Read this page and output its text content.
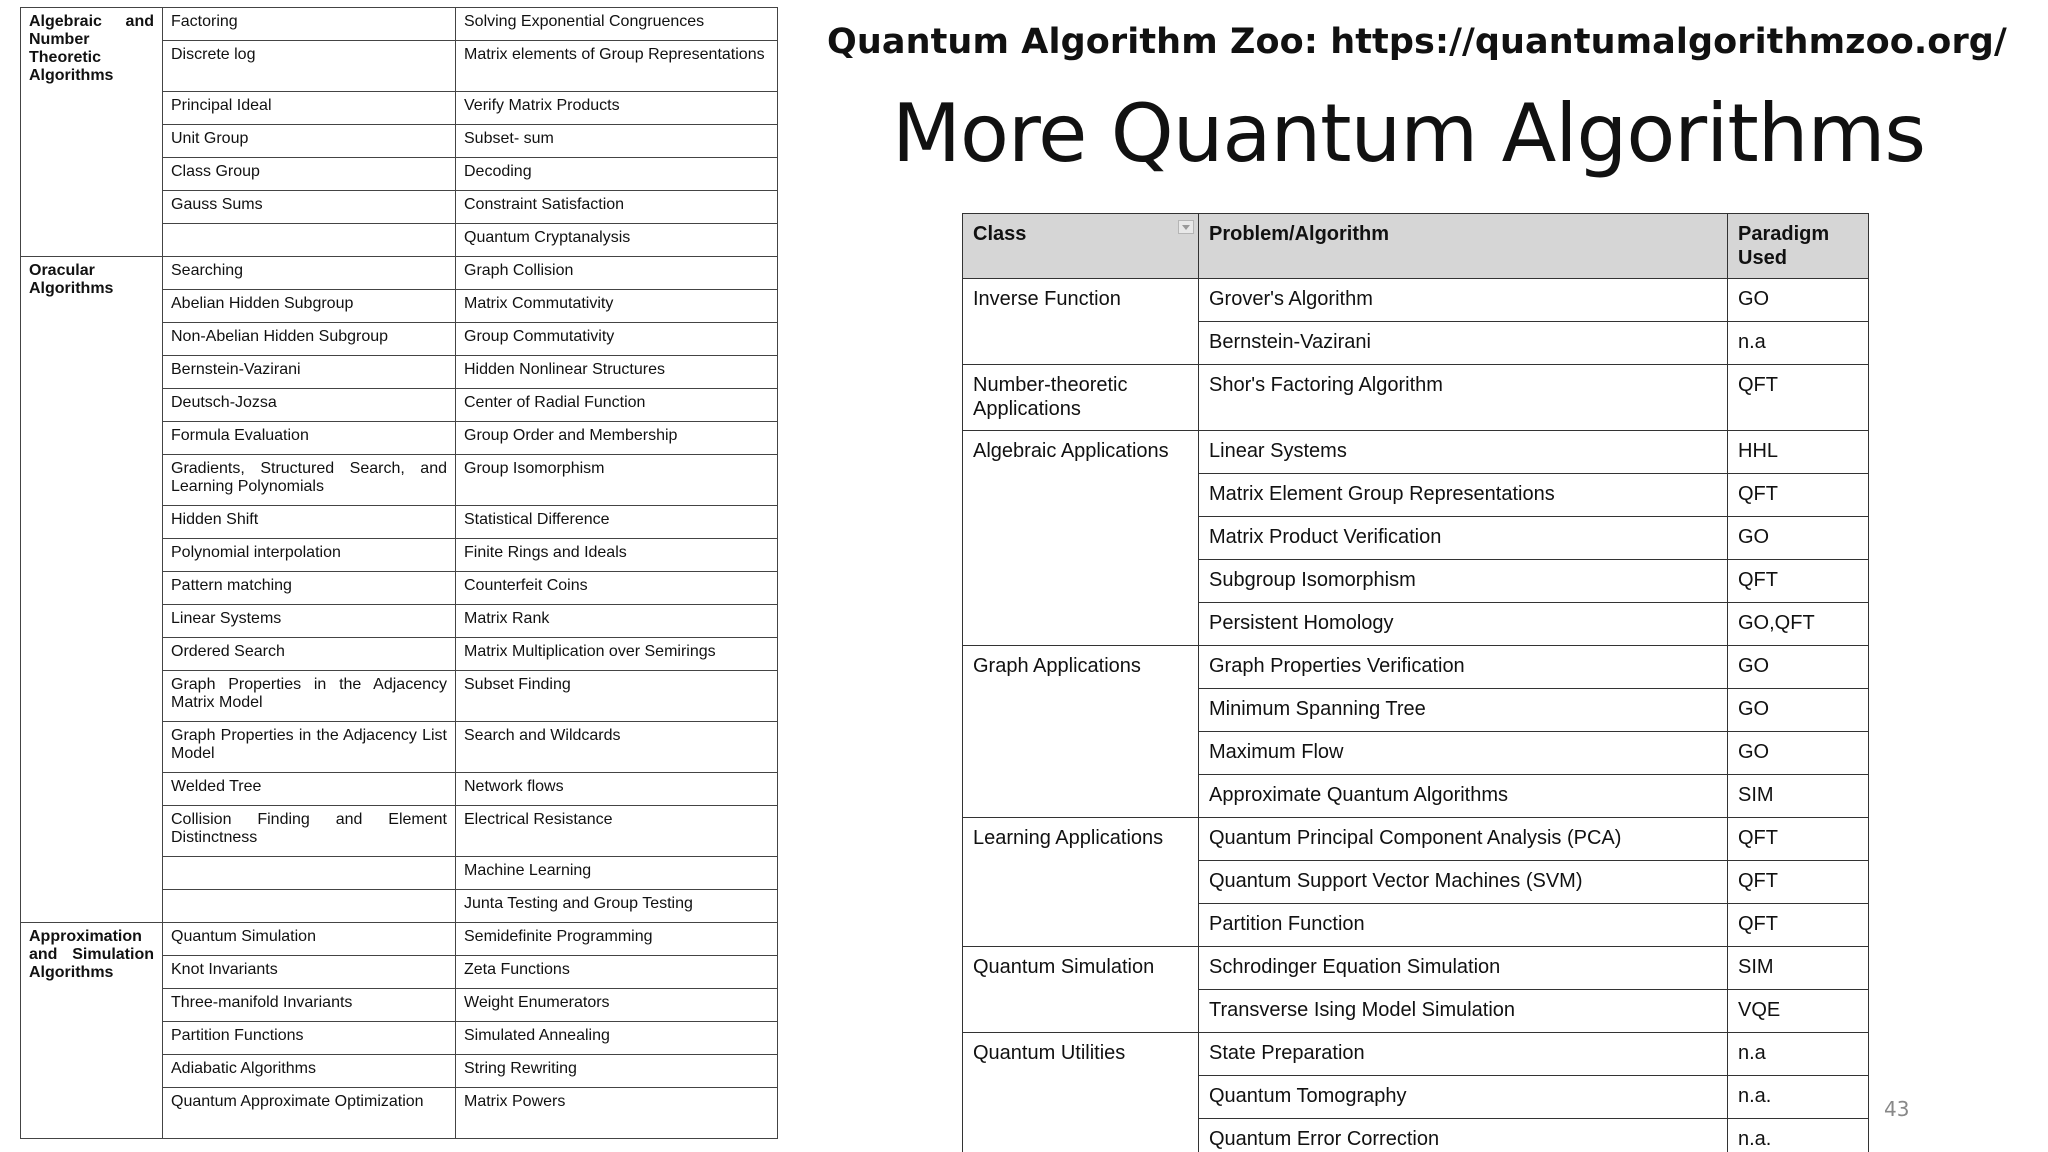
Algebraic and Number Theoretic Algorithms	Factoring	Solving Exponential Congruences
	Discrete log	Matrix elements of Group Representations
	Principal Ideal	Verify Matrix Products
	Unit Group	Subset- sum
	Class Group	Decoding
	Gauss Sums	Constraint Satisfaction
		Quantum Cryptanalysis
Oracular Algorithms	Searching	Graph Collision
	Abelian Hidden Subgroup	Matrix Commutativity
	Non-Abelian Hidden Subgroup	Group Commutativity
	Bernstein-Vazirani	Hidden Nonlinear Structures
	Deutsch-Jozsa	Center of Radial Function
	Formula Evaluation	Group Order and Membership
	Gradients, Structured Search, and Learning Polynomials	Group Isomorphism
	Hidden Shift	Statistical Difference
	Polynomial interpolation	Finite Rings and Ideals
	Pattern matching	Counterfeit Coins
	Linear Systems	Matrix Rank
	Ordered Search	Matrix Multiplication over Semirings
	Graph Properties in the Adjacency Matrix Model	Subset Finding
	Graph Properties in the Adjacency List Model	Search and Wildcards
	Welded Tree	Network flows
	Collision Finding and Element Distinctness	Electrical Resistance
		Machine Learning
		Junta Testing and Group Testing
Approximation and Simulation Algorithms	Quantum Simulation	Semidefinite Programming
	Knot Invariants	Zeta Functions
	Three-manifold Invariants	Weight Enumerators
	Partition Functions	Simulated Annealing
	Adiabatic Algorithms	String Rewriting
	Quantum Approximate Optimization	Matrix Powers
Quantum Algorithm Zoo: https://quantumalgorithmzoo.org/
More Quantum Algorithms
Class	Problem/Algorithm	Paradigm Used
Inverse Function	Grover's Algorithm	GO
	Bernstein-Vazirani	n.a
Number-theoretic Applications	Shor's Factoring Algorithm	QFT
Algebraic Applications	Linear Systems	HHL
	Matrix Element Group Representations	QFT
	Matrix Product Verification	GO
	Subgroup Isomorphism	QFT
	Persistent Homology	GO,QFT
Graph Applications	Graph Properties Verification	GO
	Minimum Spanning Tree	GO
	Maximum Flow	GO
	Approximate Quantum Algorithms	SIM
Learning Applications	Quantum Principal Component Analysis (PCA)	QFT
	Quantum Support Vector Machines (SVM)	QFT
	Partition Function	QFT
Quantum Simulation	Schrodinger Equation Simulation	SIM
	Transverse Ising Model Simulation	VQE
Quantum Utilities	State Preparation	n.a
	Quantum Tomography	n.a.
	Quantum Error Correction	n.a.
43
